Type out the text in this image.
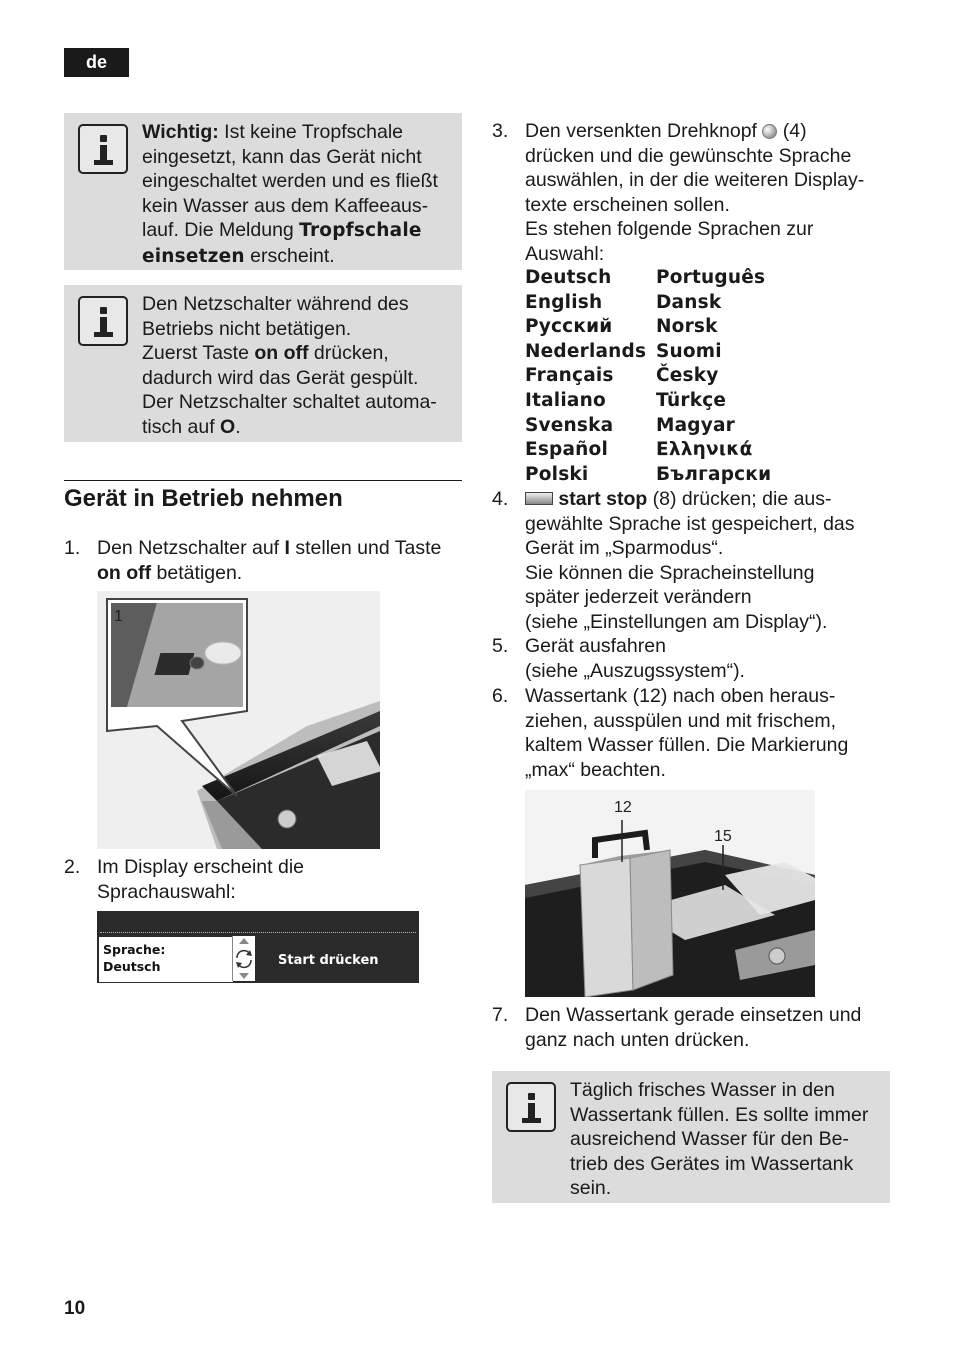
de
Wichtig: Ist keine Tropfschale
eingesetzt, kann das Gerät nicht
eingeschaltet werden und es fließt
kein Wasser aus dem Kaffeeaus-
lauf. Die Meldung Tropfschale
einsetzen erscheint.
Den Netzschalter während des
Betriebs nicht betätigen.
Zuerst Taste on off drücken,
dadurch wird das Gerät gespült.
Der Netzschalter schaltet automa-
tisch auf O.
Gerät in Betrieb nehmen
1. Den Netzschalter auf I stellen und Taste
on off betätigen.
1
2. Im Display erscheint die
Sprachauswahl:
Sprache:
Deutsch	Start drücken
3. Den versenkten Drehknopf  (4)
drücken und die gewünschte Sprache
auswählen, in der die weiteren Display-
texte erscheinen sollen.
Es stehen folgende Sprachen zur
Auswahl:
Deutsch Português
English	Dansk
Русский Norsk
Nederlands Suomi
Français Česky
Italiano	Türkçe
Svenska Magyar
Español	Ελληνικά
Polski	Български
4.	start stop (8) drücken; die aus-
gewählte Sprache ist gespeichert, das
Gerät im „Sparmodus“.
Sie können die Spracheinstellung
später jederzeit verändern
(siehe „Einstellungen am Display“).
5. Gerät ausfahren
(siehe „Auszugssystem“).
6. Wassertank (12) nach oben heraus-
ziehen, ausspülen und mit frischem,
kaltem Wasser füllen. Die Markierung
„max“ beachten.
12
15
7. Den Wassertank gerade einsetzen und
ganz nach unten drücken.
Täglich frisches Wasser in den
Wassertank füllen. Es sollte immer
ausreichend Wasser für den Be-
trieb des Gerätes im Wassertank
sein.
10
